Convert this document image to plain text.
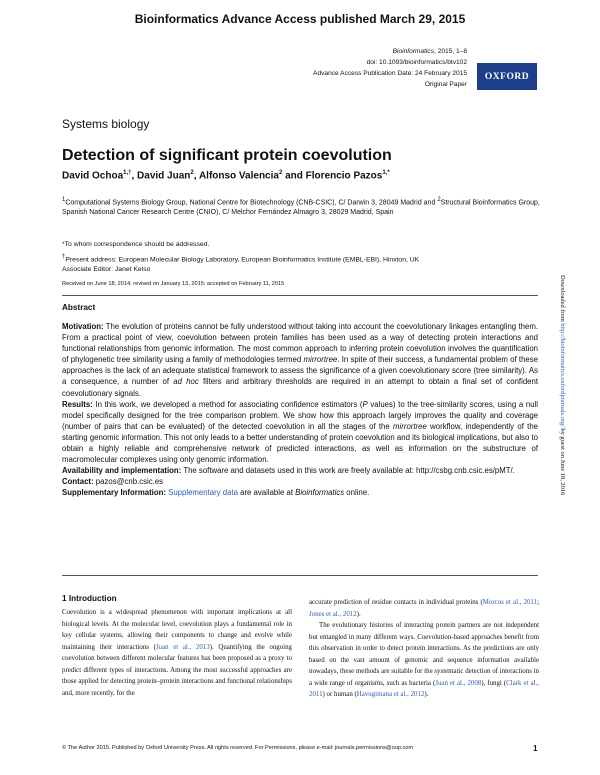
Bioinformatics Advance Access published March 29, 2015
Bioinformatics, 2015, 1–8
doi: 10.1093/bioinformatics/btv102
Advance Access Publication Date: 24 February 2015
Original Paper
OXFORD
Systems biology
Detection of significant protein coevolution
David Ochoa$^{1,\dagger}$, David Juan$^2$, Alfonso Valencia$^2$ and Florencio Pazos$^{1,*}$
1Computational Systems Biology Group, National Centre for Biotechnology (CNB-CSIC), C/ Darwin 3, 28049 Madrid and 2Structural Bioinformatics Group, Spanish National Cancer Research Centre (CNIO), C/ Melchor Fernández Almagro 3, 28029 Madrid, Spain
*To whom correspondence should be addressed.
†Present address: European Molecular Biology Laboratory, European Bioinformatics Institute (EMBL-EBI), Hinxton, UK
Associate Editor: Janet Kelso
Received on June 18, 2014; revised on January 13, 2015; accepted on February 11, 2015
Abstract

Motivation: The evolution of proteins cannot be fully understood without taking into account the coevolutionary linkages entangling them. From a practical point of view, coevolution between protein families has been used as a way of detecting protein interactions and functional relationships from genomic information. The most common approach to inferring protein coevolution involves the quantification of phylogenetic tree similarity using a family of methodologies termed mirrortree. In spite of their success, a fundamental problem of these approaches is the lack of an adequate statistical framework to assess the significance of a given coevolutionary score (tree similarity). As a consequence, a number of ad hoc filters and arbitrary thresholds are required in an attempt to obtain a final set of confident coevolutionary signals.

Results: In this work, we developed a method for associating confidence estimators (P values) to the tree-similarity scores, using a null model specifically designed for the tree comparison problem. We show how this approach largely improves the quality and coverage (number of pairs that can be evaluated) of the detected coevolution in all the stages of the mirrortree workflow, independently of the starting genomic information. This not only leads to a better understanding of protein coevolution and its biological implications, but also to obtain a highly reliable and comprehensive network of predicted interactions, as well as information on the substructure of macromolecular complexes using only genomic information.

Availability and implementation: The software and datasets used in this work are freely available at: http://csbg.cnb.csic.es/pMT/.

Contact: pazos@cnb.csic.es

Supplementary Information: Supplementary data are available at Bioinformatics online.

1 Introduction

Coevolution is a widespread phenomenon with important implications at all biological levels. At the molecular level, coevolution plays a fundamental role in key cellular systems, allowing their components to change and evolve while maintaining their interactions (Juan et al., 2013). Quantifying the ongoing coevolution between different molecular features has been proposed as a proxy to predict different types of interactions. Among the most successful approaches are those applied for detecting protein–protein interactions and functional relationships and, more recently, for the

accurate prediction of residue contacts in individual proteins (Morcos et al., 2011; Jones et al., 2012).

The evolutionary histories of interacting protein partners are not independent but entangled in many different ways. Coevolution-based approaches benefit from this observation in order to detect protein interactions. As the predictions are only based on the vast amount of genomic and sequence information available nowadays, these methods are suitable for the systematic detection of interactions in a wide range of organisms, such as bacteria (Juan et al., 2008), fungi (Clark et al., 2011) or human (Havugimana et al., 2012).

© The Author 2015. Published by Oxford University Press. All rights reserved. For Permissions, please e-mail: journals.permissions@oup.com	1
Downloaded from http://bioinformatics.oxfordjournals.org/ by guest on June 18, 2016
